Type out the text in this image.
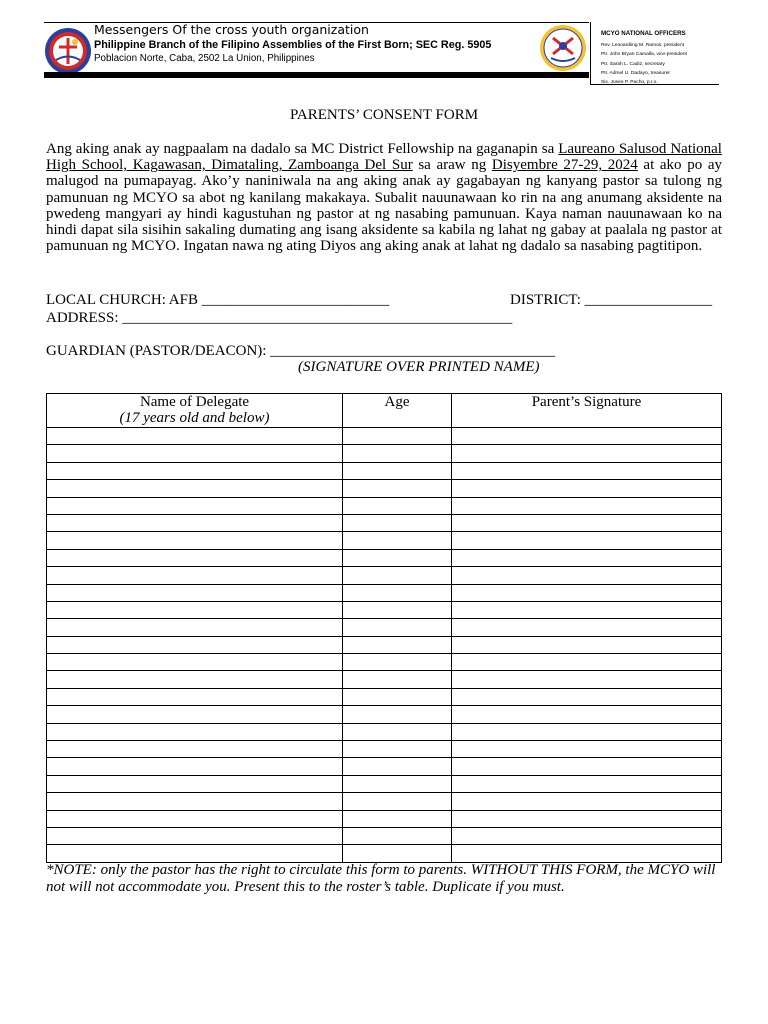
Messengers Of the cross youth organization
Philippine Branch of the Filipino Assemblies of the First Born; SEC Reg. 5905
Poblacion Norte, Caba, 2502 La Union, Philippines
MCYO NATIONAL OFFICERS
Rev. Leonardiing M. Ramos, president
Ptr. John Bryan Camalla, vice-president
Ptr. Sarah L. Cadiz, secretary
Ptr. Admel U. Dadayo, treasurer
Sis. Josee P. Pacho, p.r.o.
PARENTS’ CONSENT FORM
Ang aking anak ay nagpaalam na dadalo sa MC District Fellowship na gaganapin sa Laureano Salusod National High School, Kagawasan, Dimataling, Zamboanga Del Sur sa araw ng Disyembre 27-29, 2024 at ako po ay malugod na pumapayag. Ako’y naniniwala na ang aking anak ay gagabayan ng kanyang pastor sa tulong ng pamunuan ng MCYO sa abot ng kanilang makakaya. Subalit nauunawaan ko rin na ang anumang aksidente na pwedeng mangyari ay hindi kagustuhan ng pastor at ng nasabing pamunuan. Kaya naman nauunawaan ko na hindi dapat sila sisihin sakaling dumating ang isang aksidente sa kabila ng lahat ng gabay at paalala ng pastor at pamunuan ng MCYO. Ingatan nawa ng ating Diyos ang aking anak at lahat ng dadalo sa nasabing pagtitipon.
LOCAL CHURCH: AFB _________________________	DISTRICT: _________________
ADDRESS: ____________________________________________________
GUARDIAN (PASTOR/DEACON): ______________________________________
(SIGNATURE OVER PRINTED NAME)
Name of Delegate
(17 years old and below)	Age	Parent’s Signature

*NOTE: only the pastor has the right to circulate this form to parents. WITHOUT THIS FORM, the MCYO will not will not accommodate you. Present this to the roster’s table. Duplicate if you must.
